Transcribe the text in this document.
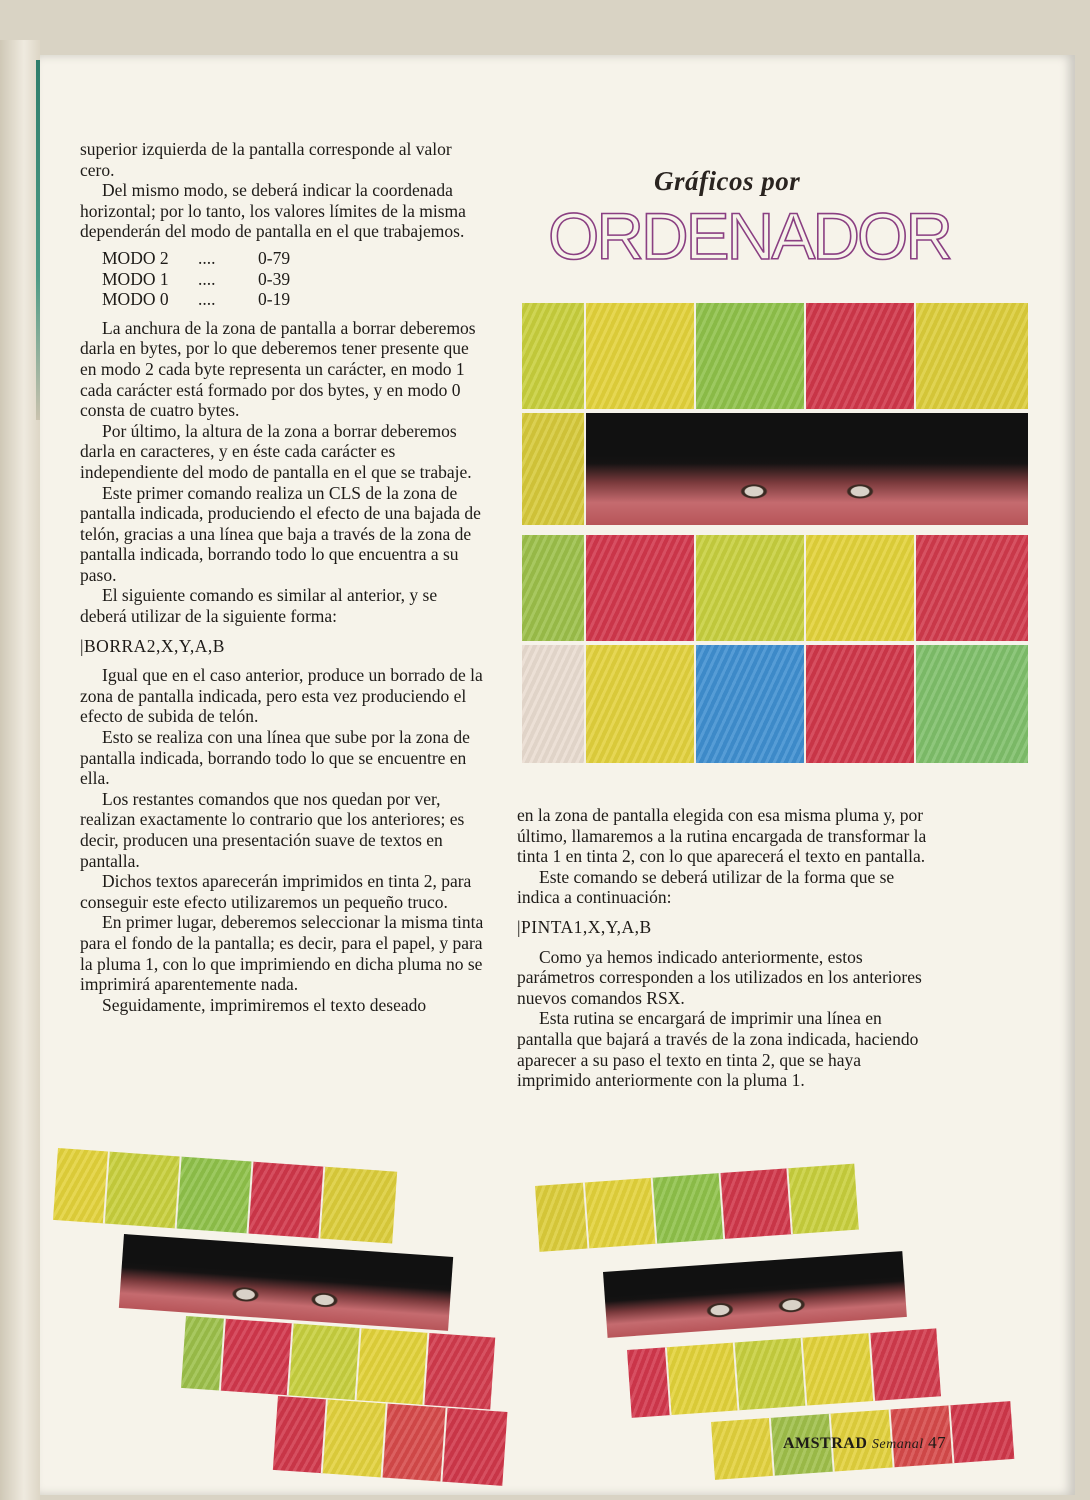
Gráficos por
ORDENADOR

superior izquierda de la pantalla corresponde al valor cero.

Del mismo modo, se deberá indicar la coordenada horizontal; por lo tanto, los valores límites de la misma dependerán del modo de pantalla en el que trabajemos.

MODO 2	....	0-79
MODO 1	....	0-39
MODO 0	....	0-19

La anchura de la zona de pantalla a borrar deberemos darla en bytes, por lo que deberemos tener presente que en modo 2 cada byte representa un carácter, en modo 1 cada carácter está formado por dos bytes, y en modo 0 consta de cuatro bytes.

Por último, la altura de la zona a borrar deberemos darla en caracteres, y en éste cada carácter es independiente del modo de pantalla en el que se trabaje.

Este primer comando realiza un CLS de la zona de pantalla indicada, produciendo el efecto de una bajada de telón, gracias a una línea que baja a través de la zona de pantalla indicada, borrando todo lo que encuentra a su paso.

El siguiente comando es similar al anterior, y se deberá utilizar de la siguiente forma:

|BORRA2,X,Y,A,B

Igual que en el caso anterior, produce un borrado de la zona de pantalla indicada, pero esta vez produciendo el efecto de subida de telón.

Esto se realiza con una línea que sube por la zona de pantalla indicada, borrando todo lo que se encuentre en ella.

Los restantes comandos que nos quedan por ver, realizan exactamente lo contrario que los anteriores; es decir, producen una presentación suave de textos en pantalla.

Dichos textos aparecerán imprimidos en tinta 2, para conseguir este efecto utilizaremos un pequeño truco.

En primer lugar, deberemos seleccionar la misma tinta para el fondo de la pantalla; es decir, para el papel, y para la pluma 1, con lo que imprimiendo en dicha pluma no se imprimirá aparentemente nada.

Seguidamente, imprimiremos el texto deseado

en la zona de pantalla elegida con esa misma pluma y, por último, llamaremos a la rutina encargada de transformar la tinta 1 en tinta 2, con lo que aparecerá el texto en pantalla.

Este comando se deberá utilizar de la forma que se indica a continuación:

|PINTA1,X,Y,A,B

Como ya hemos indicado anteriormente, estos parámetros corresponden a los utilizados en los anteriores nuevos comandos RSX.

Esta rutina se encargará de imprimir una línea en pantalla que bajará a través de la zona indicada, haciendo aparecer a su paso el texto en tinta 2, que se haya imprimido anteriormente con la pluma 1.

AMSTRAD Semanal 47
